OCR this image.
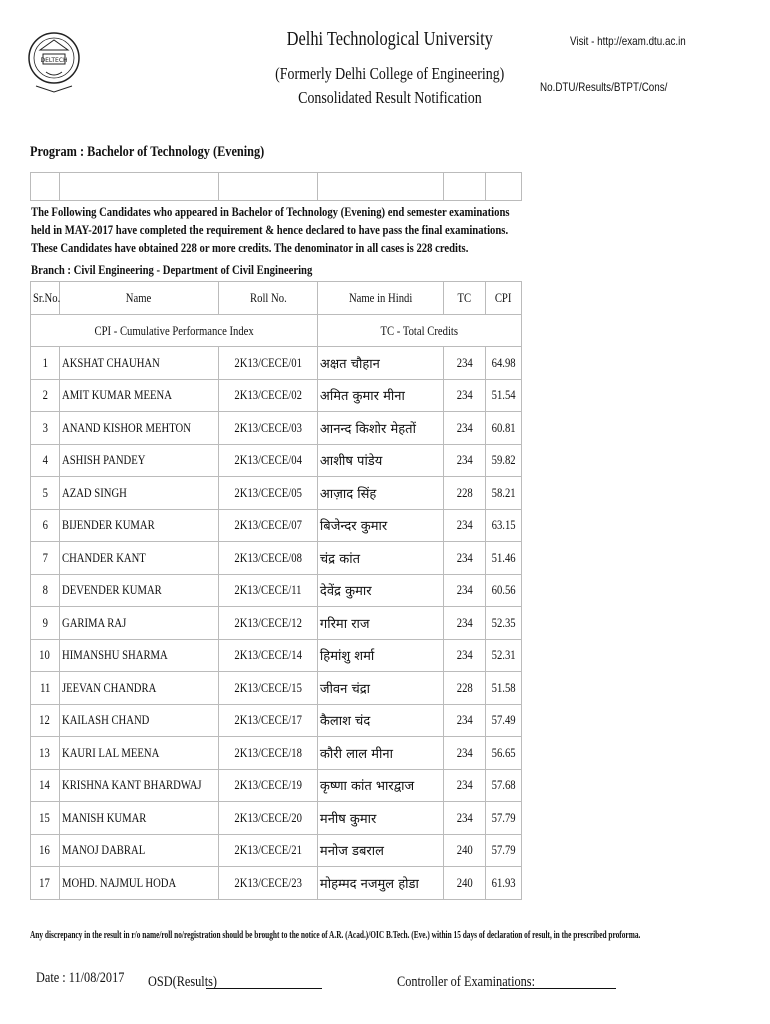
DELTECH
Delhi Technological University
(Formerly Delhi College of Engineering)
Consolidated Result Notification
Visit - http://exam.dtu.ac.in
No.DTU/Results/BTPT/Cons/
Program : Bachelor of Technology (Evening)

The Following Candidates who appeared in Bachelor of Technology (Evening) end semester examinations held in MAY-2017 have completed the requirement & hence declared to have pass the final examinations. These Candidates have obtained 228 or more credits. The denominator in all cases is 228 credits.					
Branch : Civil Engineering - Department of Civil Engineering					
Sr.No.	Name	Roll No.	Name in Hindi	TC	CPI
CPI - Cumulative Performance Index			TC - Total Credits		
1	AKSHAT CHAUHAN	2K13/CECE/01	अक्षत चौहान	234	64.98
2	AMIT KUMAR MEENA	2K13/CECE/02	अमित कुमार मीना	234	51.54
3	ANAND KISHOR MEHTON	2K13/CECE/03	आनन्द किशोर मेहतों	234	60.81
4	ASHISH PANDEY	2K13/CECE/04	आशीष पांडेय	234	59.82
5	AZAD SINGH	2K13/CECE/05	आज़ाद सिंह	228	58.21
6	BIJENDER KUMAR	2K13/CECE/07	बिजेन्दर कुमार	234	63.15
7	CHANDER KANT	2K13/CECE/08	चंद्र कांत	234	51.46
8	DEVENDER KUMAR	2K13/CECE/11	देवेंद्र कुमार	234	60.56
9	GARIMA RAJ	2K13/CECE/12	गरिमा राज	234	52.35
10	HIMANSHU SHARMA	2K13/CECE/14	हिमांशु शर्मा	234	52.31
11	JEEVAN CHANDRA	2K13/CECE/15	जीवन चंद्रा	228	51.58
12	KAILASH CHAND	2K13/CECE/17	कैलाश चंद	234	57.49
13	KAURI LAL MEENA	2K13/CECE/18	कौरी लाल मीना	234	56.65
14	KRISHNA KANT BHARDWAJ	2K13/CECE/19	कृष्णा कांत भारद्वाज	234	57.68
15	MANISH KUMAR	2K13/CECE/20	मनीष कुमार	234	57.79
16	MANOJ DABRAL	2K13/CECE/21	मनोज डबराल	240	57.79
17	MOHD. NAJMUL HODA	2K13/CECE/23	मोहम्मद नजमुल होडा	240	61.93
Any discrepancy in the result in r/o name/roll no/registration should be brought to the notice of A.R. (Acad.)/OIC B.Tech. (Eve.) within 15 days of declaration of result, in the prescribed proforma.
Date : 11/08/2017	OSD(Results)	Controller of Examinations:
